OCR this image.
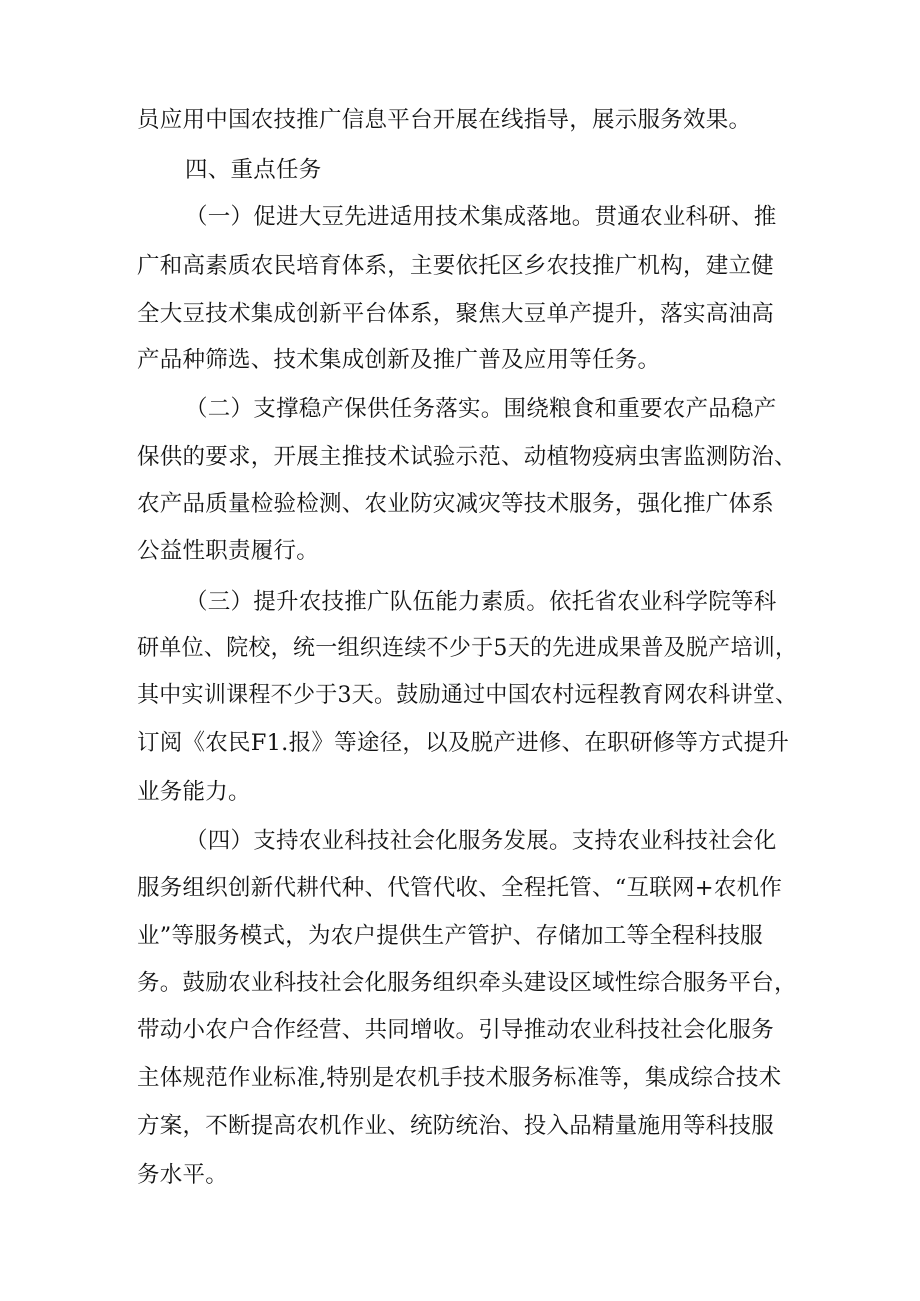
员应用中国农技推广信息平台开展在线指导，展示服务效果。
四、重点任务
（一）促进大豆先进适用技术集成落地。贯通农业科研、推
广和高素质农民培育体系，主要依托区乡农技推广机构，建立健
全大豆技术集成创新平台体系，聚焦大豆单产提升，落实高油高
产品种筛选、技术集成创新及推广普及应用等任务。
（二）支撑稳产保供任务落实。围绕粮食和重要农产品稳产
保供的要求，开展主推技术试验示范、动植物疫病虫害监测防治、
农产品质量检验检测、农业防灾减灾等技术服务，强化推广体系
公益性职责履行。
（三）提升农技推广队伍能力素质。依托省农业科学院等科
研单位、院校，统一组织连续不少于5天的先进成果普及脱产培训，
其中实训课程不少于3天。鼓励通过中国农村远程教育网农科讲堂、
订阅《农民F1.报》等途径，以及脱产进修、在职研修等方式提升
业务能力。
（四）支持农业科技社会化服务发展。支持农业科技社会化
服务组织创新代耕代种、代管代收、全程托管、“互联网+农机作
业”等服务模式，为农户提供生产管护、存储加工等全程科技服
务。鼓励农业科技社会化服务组织牵头建设区域性综合服务平台，
带动小农户合作经营、共同增收。引导推动农业科技社会化服务
主体规范作业标准,特别是农机手技术服务标准等，集成综合技术
方案，不断提高农机作业、统防统治、投入品精量施用等科技服
务水平。
